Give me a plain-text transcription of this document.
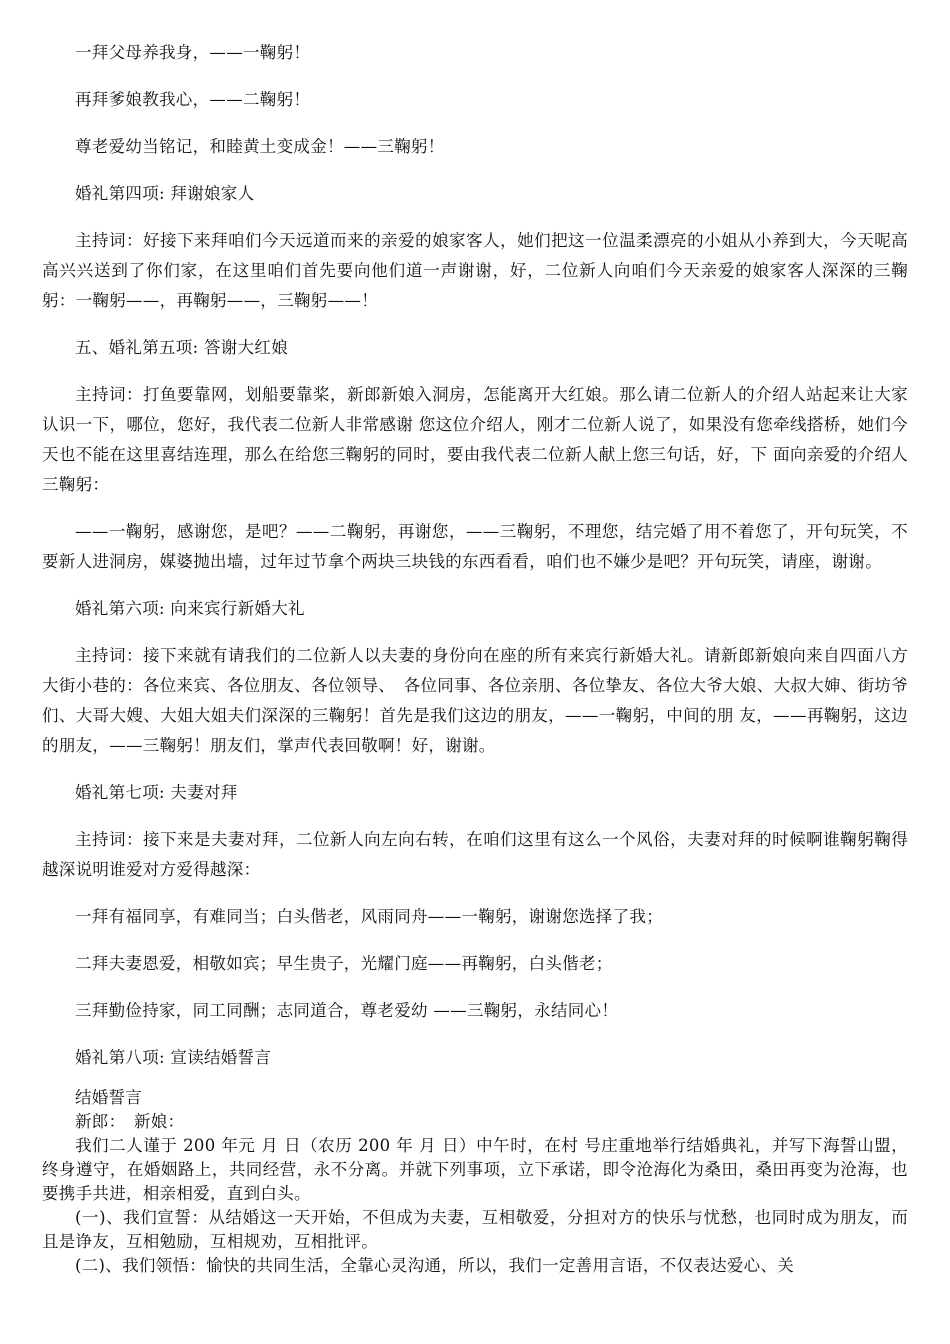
一拜父母养我身，——一鞠躬！

再拜爹娘教我心，——二鞠躬！

尊老爱幼当铭记，和睦黄土变成金！——三鞠躬！

婚礼第四项: 拜谢娘家人

主持词：好接下来拜咱们今天远道而来的亲爱的娘家客人，她们把这一位温柔漂亮的小姐从小养到大，今天呢高高兴兴送到了你们家，在这里咱们首先要向他们道一声谢谢，好，二位新人向咱们今天亲爱的娘家客人深深的三鞠躬：一鞠躬——，再鞠躬——，三鞠躬——！

五、婚礼第五项: 答谢大红娘

主持词：打鱼要靠网，划船要靠桨，新郎新娘入洞房，怎能离开大红娘。那么请二位新人的介绍人站起来让大家认识一下，哪位，您好，我代表二位新人非常感谢 您这位介绍人，刚才二位新人说了，如果没有您牵线搭桥，她们今天也不能在这里喜结连理，那么在给您三鞠躬的同时，要由我代表二位新人献上您三句话，好，下 面向亲爱的介绍人三鞠躬：

——一鞠躬，感谢您，是吧？——二鞠躬，再谢您，——三鞠躬，不理您，结完婚了用不着您了，开句玩笑，不要新人进洞房，媒婆抛出墙，过年过节拿个两块三块钱的东西看看，咱们也不嫌少是吧？开句玩笑，请座，谢谢。

婚礼第六项: 向来宾行新婚大礼

主持词：接下来就有请我们的二位新人以夫妻的身份向在座的所有来宾行新婚大礼。请新郎新娘向来自四面八方　大街小巷的：各位来宾、各位朋友、各位领导、　各位同事、各位亲朋、各位挚友、各位大爷大娘、大叔大婶、街坊爷们、大哥大嫂、大姐大姐夫们深深的三鞠躬！首先是我们这边的朋友，——一鞠躬，中间的朋 友，——再鞠躬，这边的朋友，——三鞠躬！朋友们，掌声代表回敬啊！好，谢谢。

婚礼第七项: 夫妻对拜

主持词：接下来是夫妻对拜，二位新人向左向右转，在咱们这里有这么一个风俗，夫妻对拜的时候啊谁鞠躬鞠得越深说明谁爱对方爱得越深：

一拜有福同享，有难同当；白头偕老，风雨同舟——一鞠躬，谢谢您选择了我；

二拜夫妻恩爱，相敬如宾；早生贵子，光耀门庭——再鞠躬，白头偕老；

三拜勤俭持家，同工同酬；志同道合，尊老爱幼 ——三鞠躬，永结同心！

婚礼第八项: 宣读结婚誓言

结婚誓言

新郎：　新娘：

我们二人谨于 200 年元 月 日（农历 200 年 月 日）中午时，在村 号庄重地举行结婚典礼，并写下海誓山盟，终身遵守，在婚姻路上，共同经营，永不分离。并就下列事项，立下承诺，即令沧海化为桑田，桑田再变为沧海，也要携手共进，相亲相爱，直到白头。

(一)、我们宣誓：从结婚这一天开始，不但成为夫妻，互相敬爱，分担对方的快乐与忧愁，也同时成为朋友，而且是诤友，互相勉励，互相规劝，互相批评。

(二)、我们领悟：愉快的共同生活，全靠心灵沟通，所以，我们一定善用言语，不仅表达爱心、关
